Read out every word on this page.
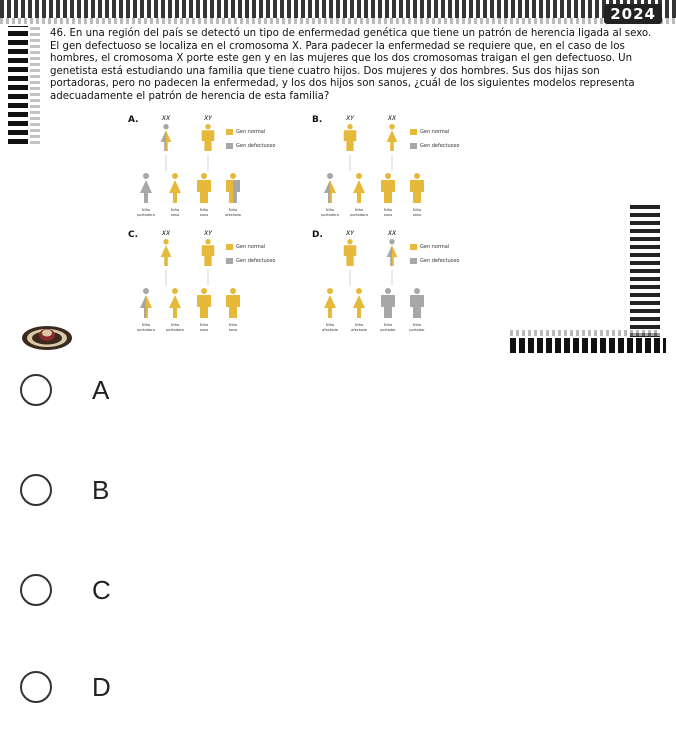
2024
46. En una región del país se detectó un tipo de enfermedad genética que tiene un patrón de herencia ligada al sexo. El gen defectuoso se localiza en el cromosoma X. Para padecer la enfermedad se requiere que, en el caso de los hombres, el cromosoma X porte este gen y en las mujeres que los dos cromosomas traigan el gen defectuoso. Un genetista está estudiando una familia que tiene cuatro hijos. Dos mujeres y dos hombres. Sus dos hijas son portadoras, pero no padecen la enfermedad, y los dos hijos son sanos, ¿cuál de los siguientes modelos representa adecuadamente el patrón de herencia de esta familia?
A.	XX	XY
Niña
portadora
Niña
sana
Niño
sano
Niño
afectado
Gen normal
Gen defectuoso
B.	XY	XX
Niña
portadora
Niña
portadora
Niño
sano
Niño
sano
Gen normal
Gen defectuoso
C.	XX	XY
Niña
portadora
Niña
portadora
Niño
sano
Niño
sano
Gen normal
Gen defectuoso
D.	XY	XX
Niña
afectada
Niña
afectada
Niño
portador
Niño
portador
Gen normal
Gen defectuoso
A
B
C
D
